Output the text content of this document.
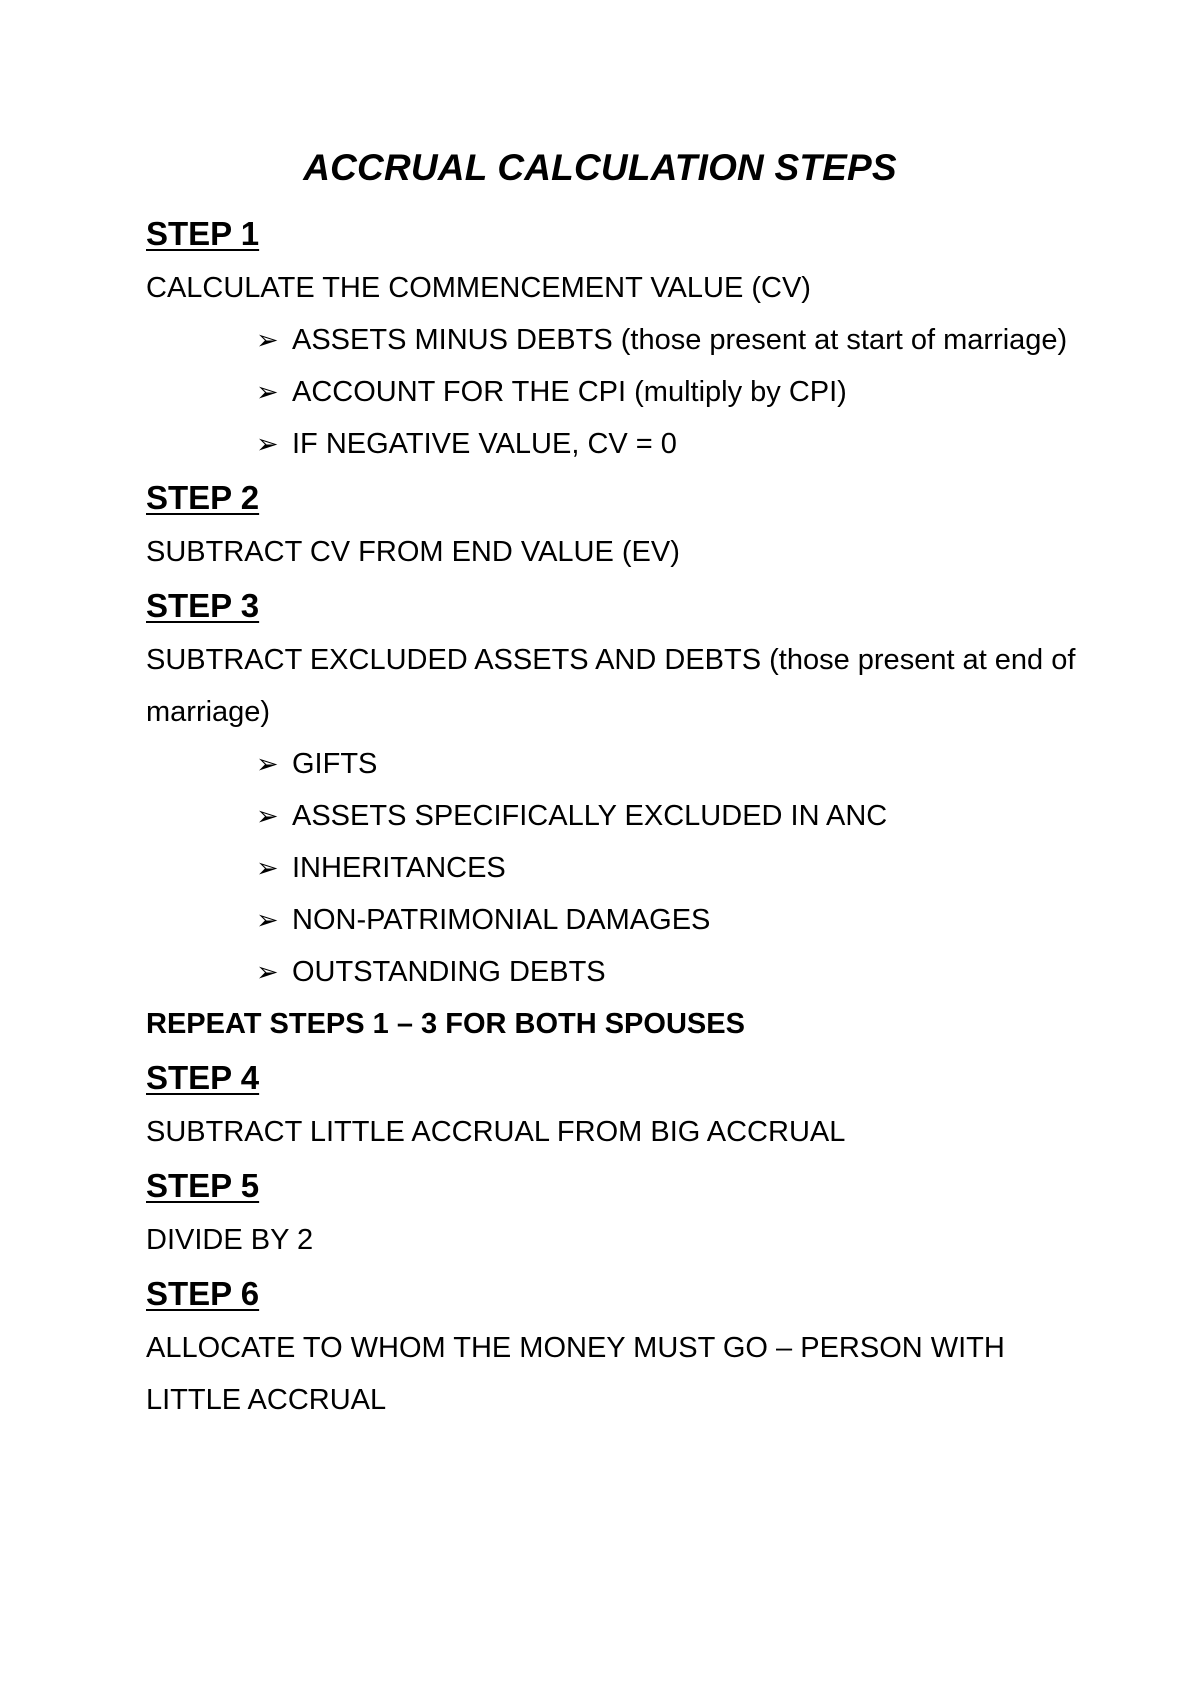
ACCRUAL CALCULATION STEPS
STEP 1
CALCULATE THE COMMENCEMENT VALUE (CV)
➢ ASSETS MINUS DEBTS (those present at start of marriage)
➢ ACCOUNT FOR THE CPI (multiply by CPI)
➢ IF NEGATIVE VALUE, CV = 0
STEP 2
SUBTRACT CV FROM END VALUE (EV)
STEP 3
SUBTRACT EXCLUDED ASSETS AND DEBTS (those present at end of marriage)
➢ GIFTS
➢ ASSETS SPECIFICALLY EXCLUDED IN ANC
➢ INHERITANCES
➢ NON-PATRIMONIAL DAMAGES
➢ OUTSTANDING DEBTS
REPEAT STEPS 1 – 3 FOR BOTH SPOUSES
STEP 4
SUBTRACT LITTLE ACCRUAL FROM BIG ACCRUAL
STEP 5
DIVIDE BY 2
STEP 6
ALLOCATE TO WHOM THE MONEY MUST GO – PERSON WITH LITTLE ACCRUAL
